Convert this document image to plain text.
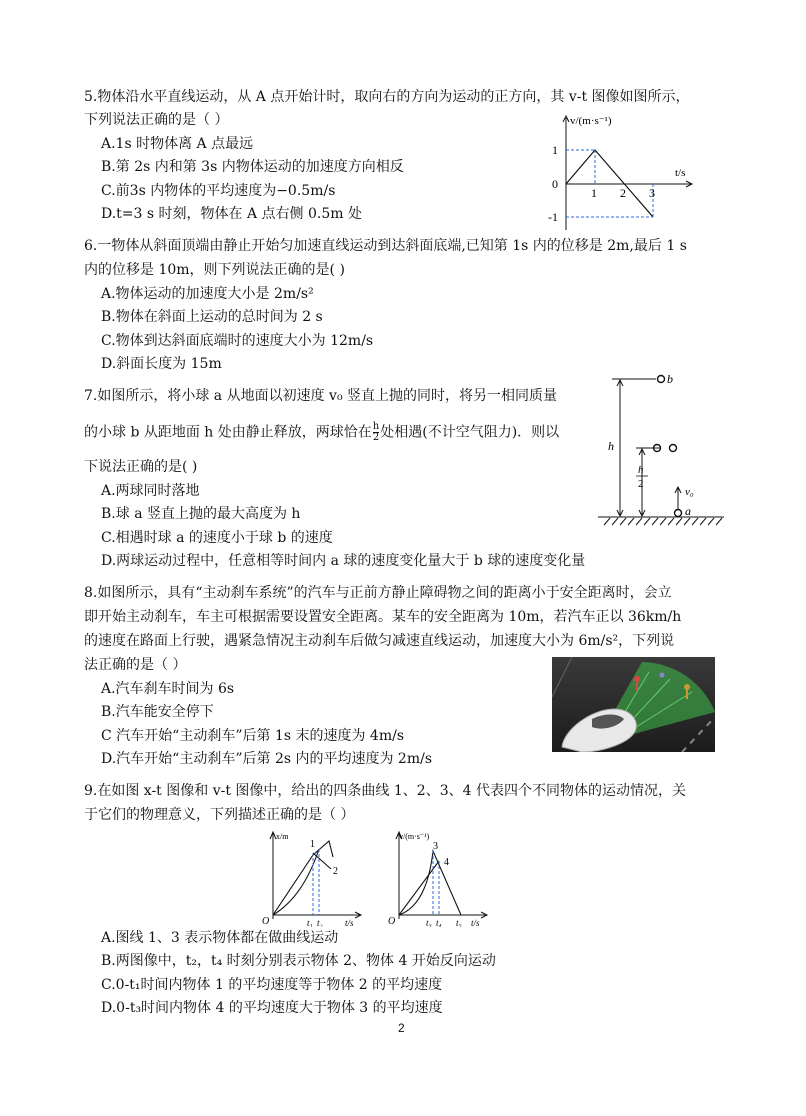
5.物体沿水平直线运动，从 A 点开始计时，取向右的方向为运动的正方向，其 v-t 图像如图所示，
下列说法正确的是（ ）
A.1s 时物体离 A 点最远
B.第 2s 内和第 3s 内物体运动的加速度方向相反
C.前3s 内物体的平均速度为−0.5m/s
D.t=3 s 时刻，物体在 A 点右侧 0.5m 处
v/(m·s⁻¹)
t/s
1
0
-1
1 2 3
6.一物体从斜面顶端由静止开始匀加速直线运动到达斜面底端,已知第 1s 内的位移是 2m,最后 1 s
内的位移是 10m，则下列说法正确的是( )
A.物体运动的加速度大小是 2m/s²
B.物体在斜面上运动的总时间为 2 s
C.物体到达斜面底端时的速度大小为 12m/s
D.斜面长度为 15m
7.如图所示，将小球 a 从地面以初速度 v₀ 竖直上抛的同时，将另一相同质量
的小球 b 从距地面 h 处由静止释放，两球恰在 $\frac{h}{2}$ 处相遇(不计空气阻力)．则以
下说法正确的是( )
A.两球同时落地
B.球 a 竖直上抛的最大高度为 h
C.相遇时球 a 的速度小于球 b 的速度
D.两球运动过程中，任意相等时间内 a 球的速度变化量大于 b 球的速度变化量
b
h
h
2
v₀
a
8.如图所示，具有“主动刹车系统”的汽车与正前方静止障碍物之间的距离小于安全距离时，会立
即开始主动刹车，车主可根据需要设置安全距离。某车的安全距离为 10m，若汽车正以 36km/h
的速度在路面上行驶，遇紧急情况主动刹车后做匀减速直线运动，加速度大小为 6m/s²，下列说
法正确的是（ ）
A.汽车刹车时间为 6s
B.汽车能安全停下
C 汽车开始“主动刹车”后第 1s 末的速度为 4m/s
D.汽车开始“主动刹车”后第 2s 内的平均速度为 2m/s
9.在如图 x-t 图像和 v-t 图像中，给出的四条曲线 1、2、3、4 代表四个不同物体的运动情况，关
于它们的物理意义，下列描述正确的是（ ）
x/m
1
2
O	t₁ t₂ t/s
v/(m·s⁻¹)
3
4
O	t₃ t₄ t₅ t/s
A.图线 1、3 表示物体都在做曲线运动
B.两图像中，t₂，t₄ 时刻分别表示物体 2、物体 4 开始反向运动
C.0-t₁时间内物体 1 的平均速度等于物体 2 的平均速度
D.0-t₃时间内物体 4 的平均速度大于物体 3 的平均速度
2
